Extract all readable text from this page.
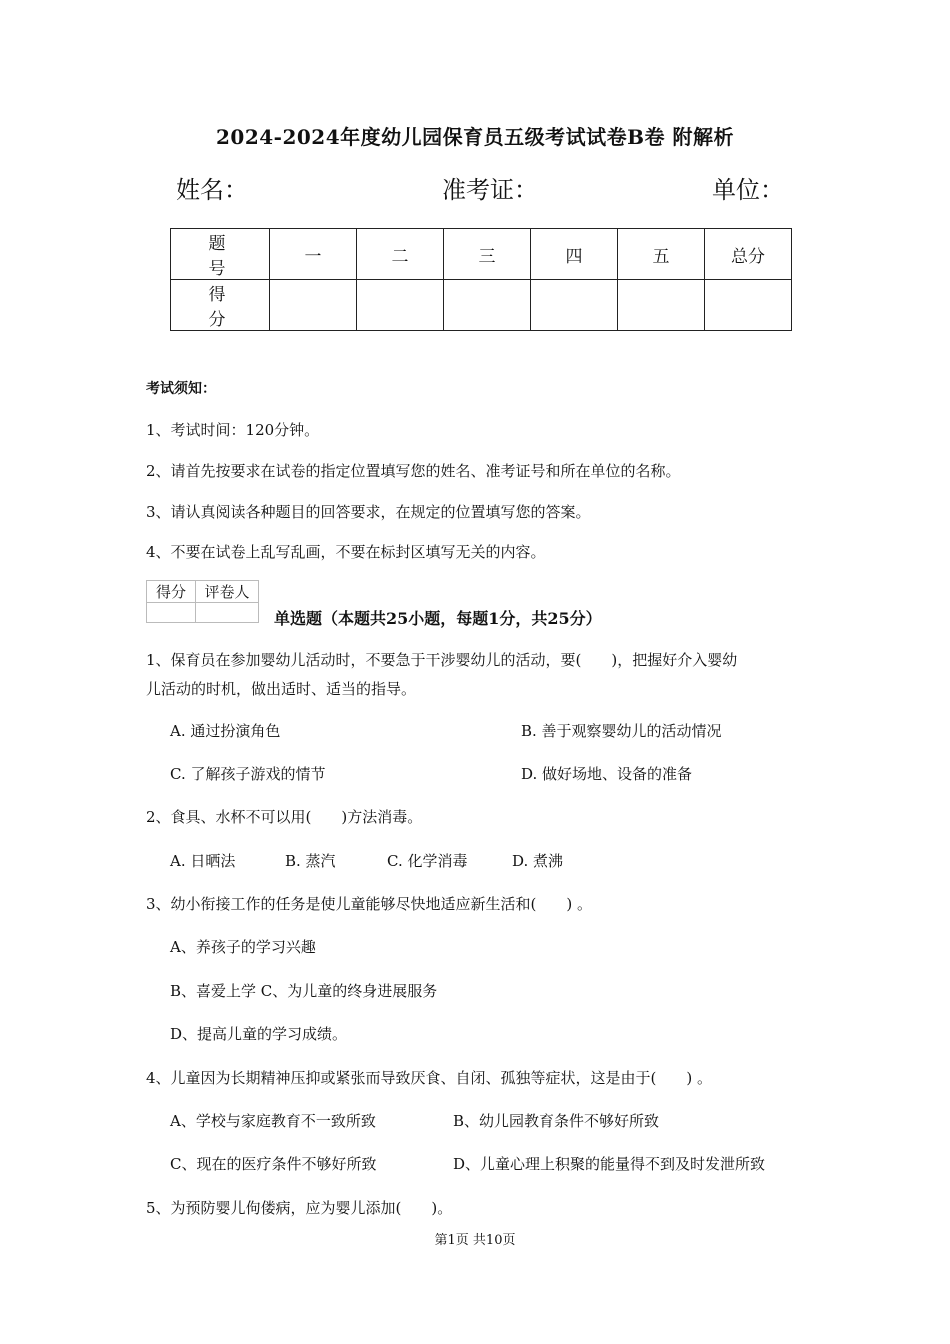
2024-2024年度幼儿园保育员五级考试试卷B卷 附解析
姓名：	准考证：	单位：
题　号	一	二	三	四	五	总分
得　分						
考试须知：
1、考试时间：120分钟。
2、请首先按要求在试卷的指定位置填写您的姓名、准考证号和所在单位的名称。
3、请认真阅读各种题目的回答要求，在规定的位置填写您的答案。
4、不要在试卷上乱写乱画，不要在标封区填写无关的内容。
得分	评卷人

单选题（本题共25小题，每题1分，共25分）
1、保育员在参加婴幼儿活动时，不要急于干涉婴幼儿的活动，要(　　)，把握好介入婴幼
儿活动的时机，做出适时、适当的指导。
A. 通过扮演角色	B. 善于观察婴幼儿的活动情况
C. 了解孩子游戏的情节	D. 做好场地、设备的准备
2、食具、水杯不可以用(　　)方法消毒。
A. 日晒法	B. 蒸汽	C. 化学消毒	D. 煮沸
3、幼小衔接工作的任务是使儿童能够尽快地适应新生活和(　　) 。
A、养孩子的学习兴趣
B、喜爱上学 C、为儿童的终身进展服务
D、提高儿童的学习成绩。
4、儿童因为长期精神压抑或紧张而导致厌食、自闭、孤独等症状，这是由于(　　) 。
A、学校与家庭教育不一致所致	B、幼儿园教育条件不够好所致
C、现在的医疗条件不够好所致	D、儿童心理上积聚的能量得不到及时发泄所致
5、为预防婴儿佝偻病，应为婴儿添加(　　)。
第1页 共10页
